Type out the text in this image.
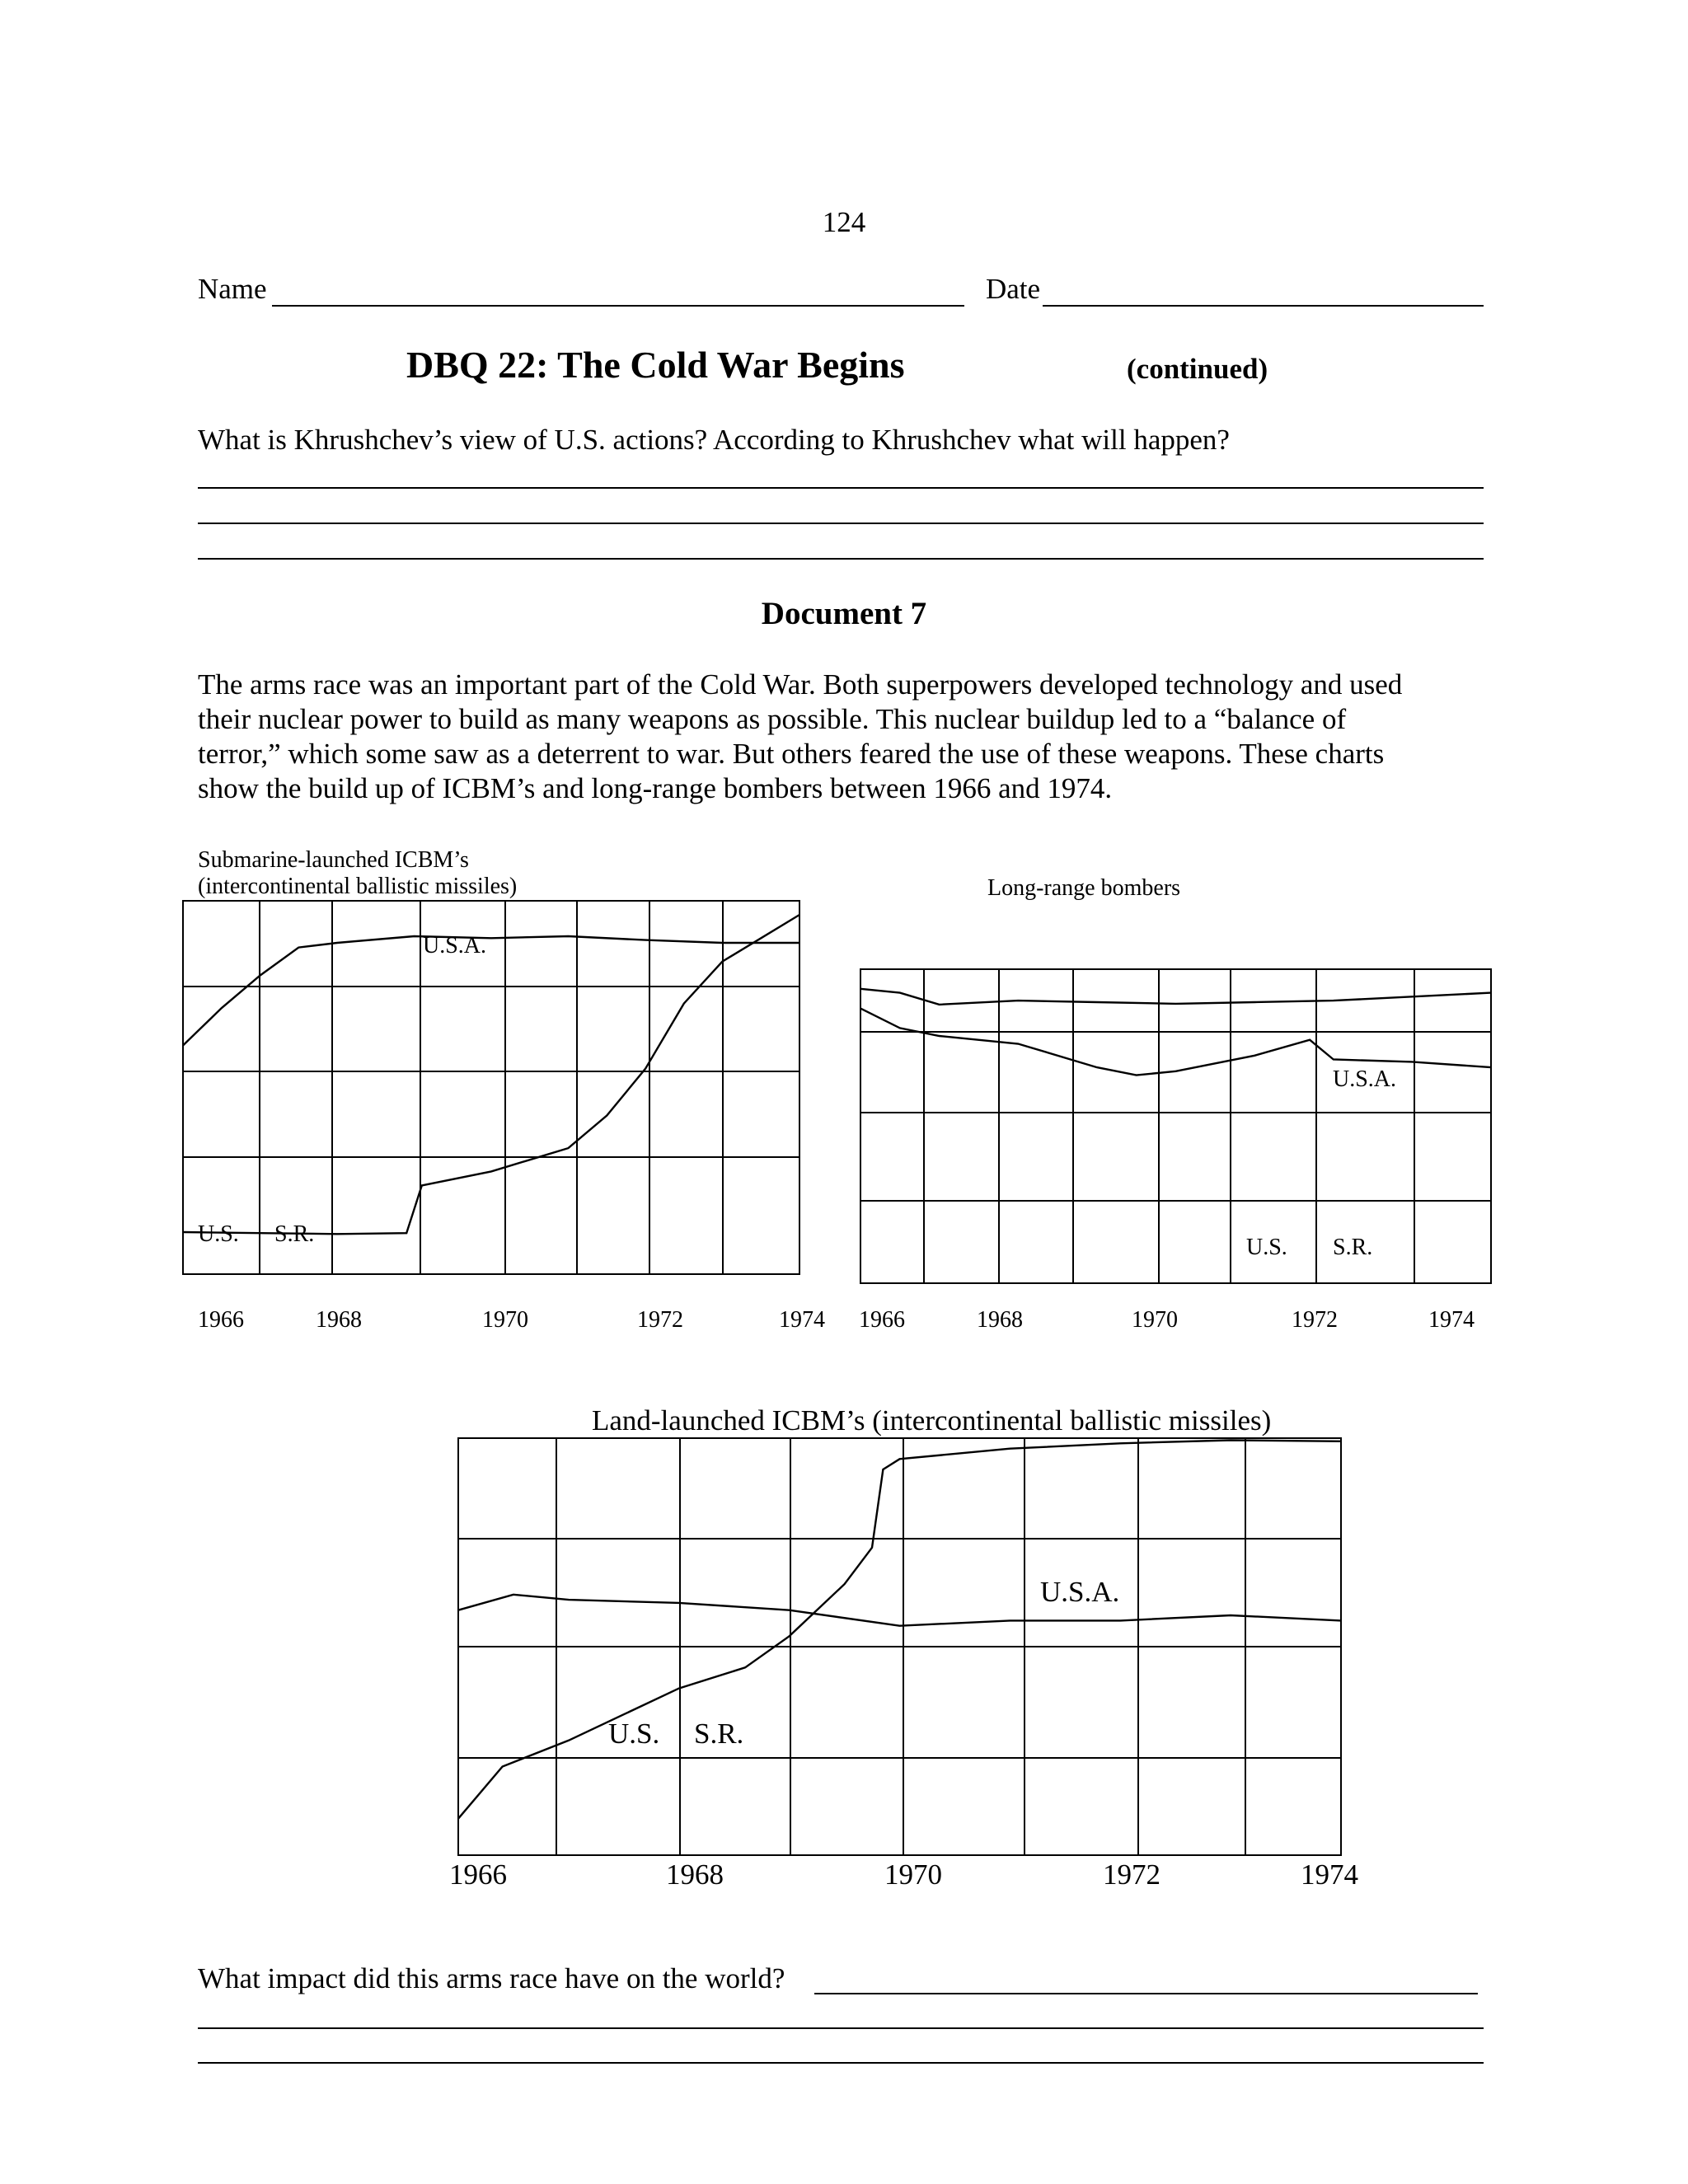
124
Name	Date
DBQ 22: The Cold War Begins	(continued)
What is Khrushchev’s view of U.S. actions? According to Khrushchev what will happen?
Document 7
The arms race was an important part of the Cold War. Both superpowers developed technology and used
their nuclear power to build as many weapons as possible. This nuclear buildup led to a “balance of
terror,” which some saw as a deterrent to war. But others feared the use of these weapons. These charts
show the build up of ICBM’s and long-range bombers between 1966 and 1974.
Submarine-launched ICBM’s
(intercontinental ballistic missiles)	Long-range bombers
Land-launched ICBM’s (intercontinental ballistic missiles)
U.S.A.
U.S. S.R.
1966	1968	1970	1972	1974
U.S.A.
U.S. S.R.
1966	1968	1970	1972	1974
U.S.A.
U.S. S.R.
1966	1968	1970	1972	1974
What impact did this arms race have on the world?
